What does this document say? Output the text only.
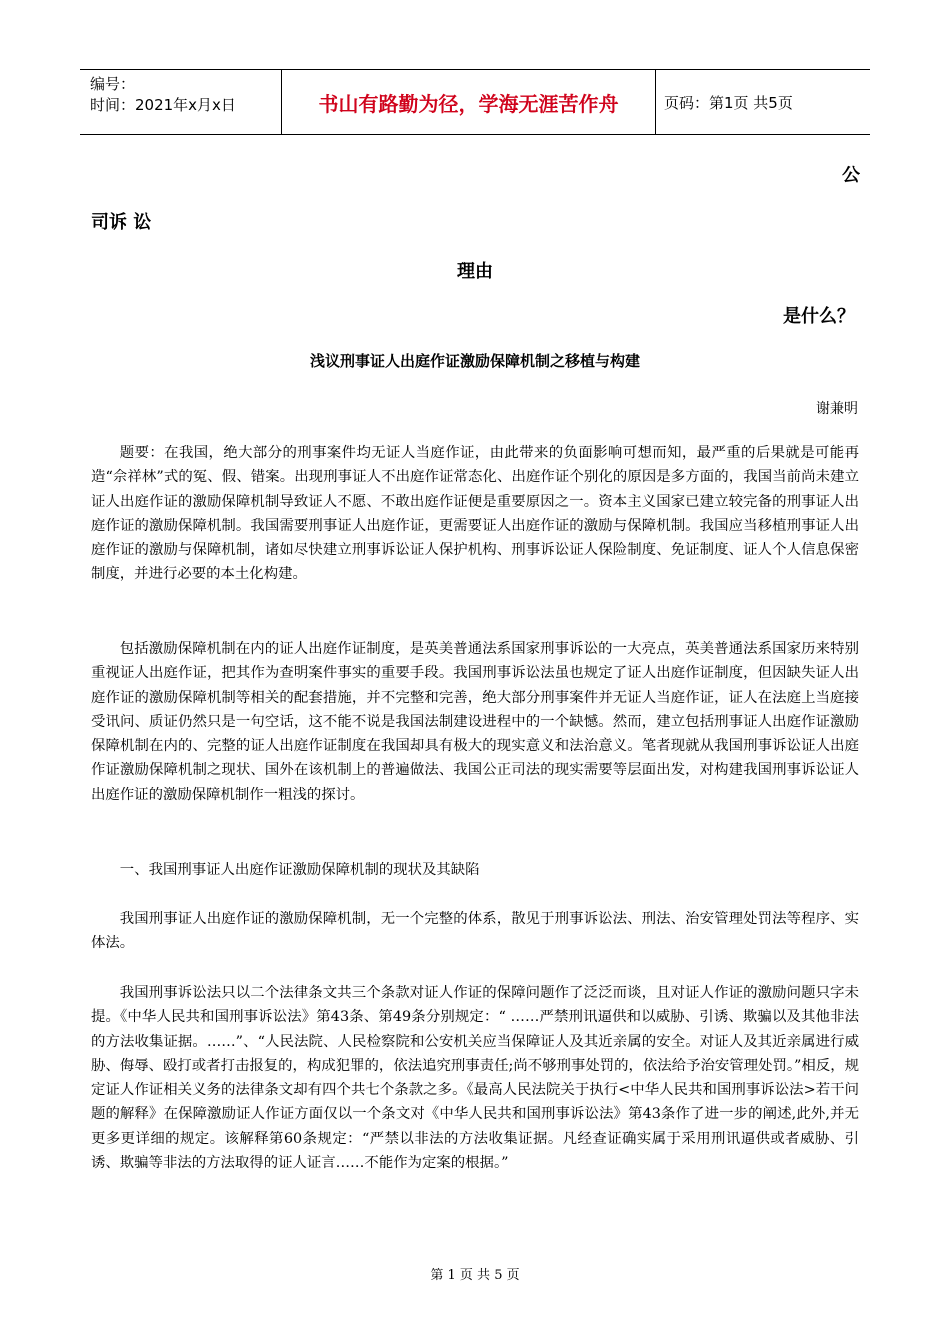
编号：
时间：2021年x月x日	书山有路勤为径，学海无涯苦作舟	页码：第1页 共5页
公
司诉 讼
理由
是什么？
浅议刑事证人出庭作证激励保障机制之移植与构建
谢兼明

题要：在我国，绝大部分的刑事案件均无证人当庭作证，由此带来的负面影响可想而知，最严重的后果就是可能再造“佘祥林”式的冤、假、错案。出现刑事证人不出庭作证常态化、出庭作证个别化的原因是多方面的，我国当前尚未建立证人出庭作证的激励保障机制导致证人不愿、不敢出庭作证便是重要原因之一。资本主义国家已建立较完备的刑事证人出庭作证的激励保障机制。我国需要刑事证人出庭作证，更需要证人出庭作证的激励与保障机制。我国应当移植刑事证人出庭作证的激励与保障机制，诸如尽快建立刑事诉讼证人保护机构、刑事诉讼证人保险制度、免证制度、证人个人信息保密制度，并进行必要的本土化构建。

包括激励保障机制在内的证人出庭作证制度，是英美普通法系国家刑事诉讼的一大亮点，英美普通法系国家历来特别重视证人出庭作证，把其作为查明案件事实的重要手段。我国刑事诉讼法虽也规定了证人出庭作证制度，但因缺失证人出庭作证的激励保障机制等相关的配套措施，并不完整和完善，绝大部分刑事案件并无证人当庭作证，证人在法庭上当庭接受讯问、质证仍然只是一句空话，这不能不说是我国法制建设进程中的一个缺憾。然而，建立包括刑事证人出庭作证激励保障机制在内的、完整的证人出庭作证制度在我国却具有极大的现实意义和法治意义。笔者现就从我国刑事诉讼证人出庭作证激励保障机制之现状、国外在该机制上的普遍做法、我国公正司法的现实需要等层面出发，对构建我国刑事诉讼证人出庭作证的激励保障机制作一粗浅的探讨。

一、我国刑事证人出庭作证激励保障机制的现状及其缺陷

我国刑事证人出庭作证的激励保障机制，无一个完整的体系，散见于刑事诉讼法、刑法、治安管理处罚法等程序、实体法。

我国刑事诉讼法只以二个法律条文共三个条款对证人作证的保障问题作了泛泛而谈，且对证人作证的激励问题只字未提。《中华人民共和国刑事诉讼法》第43条、第49条分别规定：“ ……严禁刑讯逼供和以威胁、引诱、欺骗以及其他非法的方法收集证据。……”、“人民法院、人民检察院和公安机关应当保障证人及其近亲属的安全。对证人及其近亲属进行威胁、侮辱、殴打或者打击报复的，构成犯罪的，依法追究刑事责任;尚不够刑事处罚的，依法给予治安管理处罚。”相反，规定证人作证相关义务的法律条文却有四个共七个条款之多。《最高人民法院关于执行<中华人民共和国刑事诉讼法>若干问题的解释》在保障激励证人作证方面仅以一个条文对《中华人民共和国刑事诉讼法》第43条作了进一步的阐述,此外,并无更多更详细的规定。该解释第60条规定：“严禁以非法的方法收集证据。凡经查证确实属于采用刑讯逼供或者威胁、引诱、欺骗等非法的方法取得的证人证言……不能作为定案的根据。”

第 1 页 共 5 页
